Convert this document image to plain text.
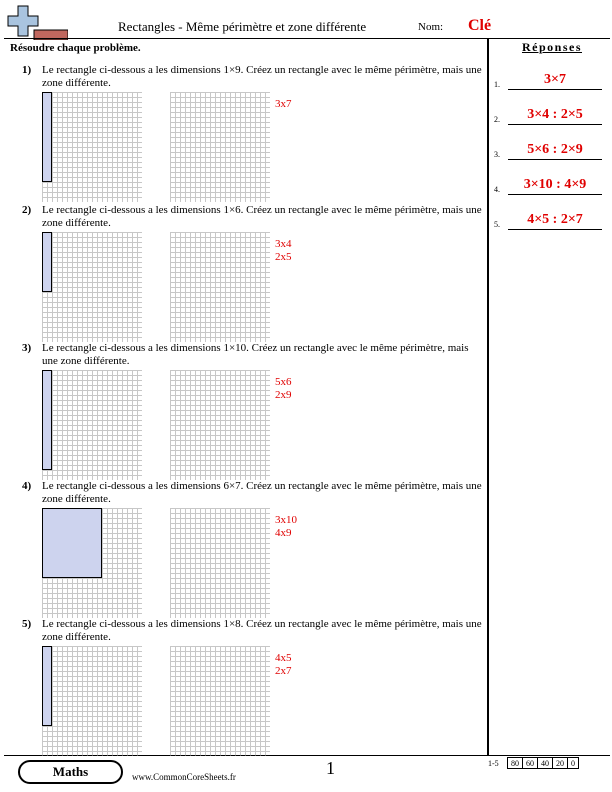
Rectangles - Même périmètre et zone différente	Nom: Clé
Résoudre chaque problème.	Réponses
1.	3×7
2.	3×4 : 2×5
3.	5×6 : 2×9
4.	3×10 : 4×9
5.	4×5 : 2×7
1) Le rectangle ci-dessous a les dimensions 1×9. Créez un rectangle avec le même périmètre, mais une zone différente.
3x7
2) Le rectangle ci-dessous a les dimensions 1×6. Créez un rectangle avec le même périmètre, mais une zone différente.
3x4
2x5
3) Le rectangle ci-dessous a les dimensions 1×10. Créez un rectangle avec le même périmètre, mais une zone différente.
5x6
2x9
4) Le rectangle ci-dessous a les dimensions 6×7. Créez un rectangle avec le même périmètre, mais une zone différente.
3x10
4x9
5) Le rectangle ci-dessous a les dimensions 1×8. Créez un rectangle avec le même périmètre, mais une zone différente.
4x5
2x7
Maths	www.CommonCoreSheets.fr	1	1-5 80	60	40	20	0
